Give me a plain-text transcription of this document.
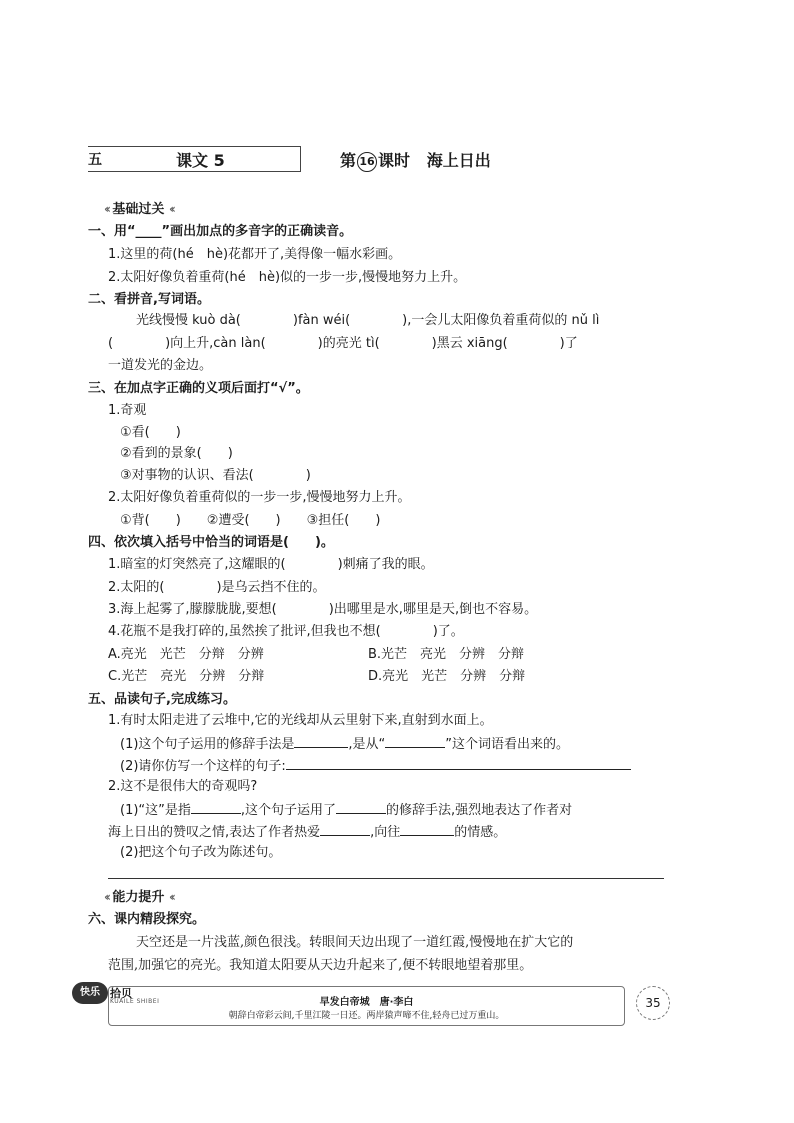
五	课文 5	第 16 课时 海上日出
‹‹ 基础过关 ‹‹
一、用“____”画出加点的多音字的正确读音。
1.这里的荷(hé　hè)花都开了,美得像一幅水彩画。
2.太阳好像负着重荷(hé　hè)似的一步一步,慢慢地努力上升。
二、看拼音,写词语。
光线慢慢 kuò dà(　　　　)fàn wéi(　　　　),一会儿太阳像负着重荷似的 nǔ lì
(　　　　)向上升,càn làn(　　　　)的亮光 tì(　　　　)黑云 xiāng(　　　　)了
一道发光的金边。
三、在加点字正确的义项后面打“√”。
1.奇观
①看(　　)
②看到的景象(　　)
③对事物的认识、看法(　　　　)
2.太阳好像负着重荷似的一步一步,慢慢地努力上升。
①背(　　)　　②遭受(　　)　　③担任(　　)
四、依次填入括号中恰当的词语是(　　)。
1.暗室的灯突然亮了,这耀眼的(　　　　)刺痛了我的眼。
2.太阳的(　　　　)是乌云挡不住的。
3.海上起雾了,朦朦胧胧,要想(　　　　)出哪里是水,哪里是天,倒也不容易。
4.花瓶不是我打碎的,虽然挨了批评,但我也不想(　　　　)了。
A.亮光　光芒　分辩　分辨	B.光芒　亮光　分辨　分辩
C.光芒　亮光　分辨　分辩	D.亮光　光芒　分辨　分辩
五、品读句子,完成练习。
1.有时太阳走进了云堆中,它的光线却从云里射下来,直射到水面上。
(1)这个句子运用的修辞手法是	,是从“	”这个词语看出来的。
(2)请你仿写一个这样的句子:
2.这不是很伟大的奇观吗?
(1)“这”是指	,这个句子运用了	的修辞手法,强烈地表达了作者对
海上日出的赞叹之情,表达了作者热爱	,向往	的情感。
(2)把这个句子改为陈述句。
‹‹ 能力提升 ‹‹
六、课内精段探究。
天空还是一片浅蓝,颜色很浅。转眼间天边出现了一道红霞,慢慢地在扩大它的
范围,加强它的亮光。我知道太阳要从天边升起来了,便不转眼地望着那里。
快乐 拾贝
KUAILE SHIBEI	早发白帝城　唐·李白
朝辞白帝彩云间,千里江陵一日还。两岸猿声啼不住,轻舟已过万重山。
35
